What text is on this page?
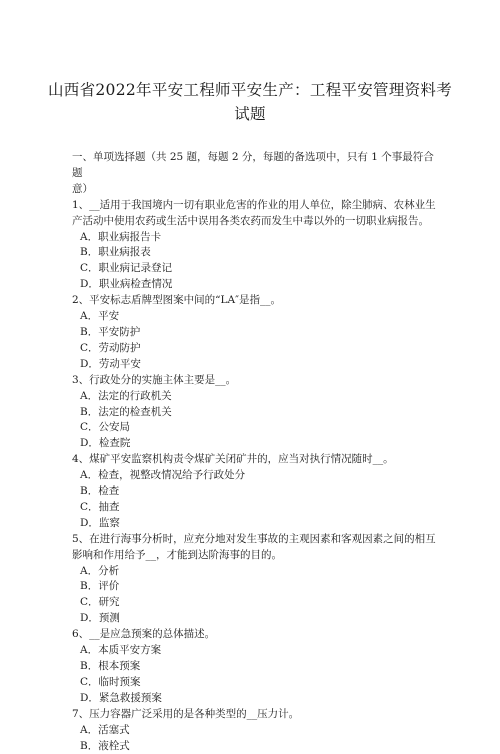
山西省2022年平安工程师平安生产：工程平安管理资料考
试题
一、单项选择题（共 25 题，每题 2 分，每题的备选项中，只有 1 个事最符合题
意）
1、__适用于我国境内一切有职业危害的作业的用人单位，除尘肺病、农林业生
产活动中使用农药或生活中误用各类农药而发生中毒以外的一切职业病报告。
A．职业病报告卡
B．职业病报表
C．职业病记录登记
D．职业病检查情况
2、平安标志盾牌型图案中间的“LA″是指__。
A．平安
B．平安防护
C．劳动防护
D．劳动平安
3、行政处分的实施主体主要是__。
A．法定的行政机关
B．法定的检查机关
C．公安局
D．检查院
4、煤矿平安监察机构责令煤矿关闭矿井的，应当对执行情况随时__。
A．检查，视整改情况给予行政处分
B．检查
C．抽查
D．监察
5、在进行海事分析时，应充分地对发生事故的主观因素和客观因素之间的相互
影响和作用给予__，才能到达阶海事的目的。
A．分析
B．评价
C．研究
D．预测
6、__是应急预案的总体描述。
A．本质平安方案
B．根本预案
C．临时预案
D．紧急救援预案
7、压力容器广泛采用的是各种类型的__压力计。
A．活塞式
B．液栓式
